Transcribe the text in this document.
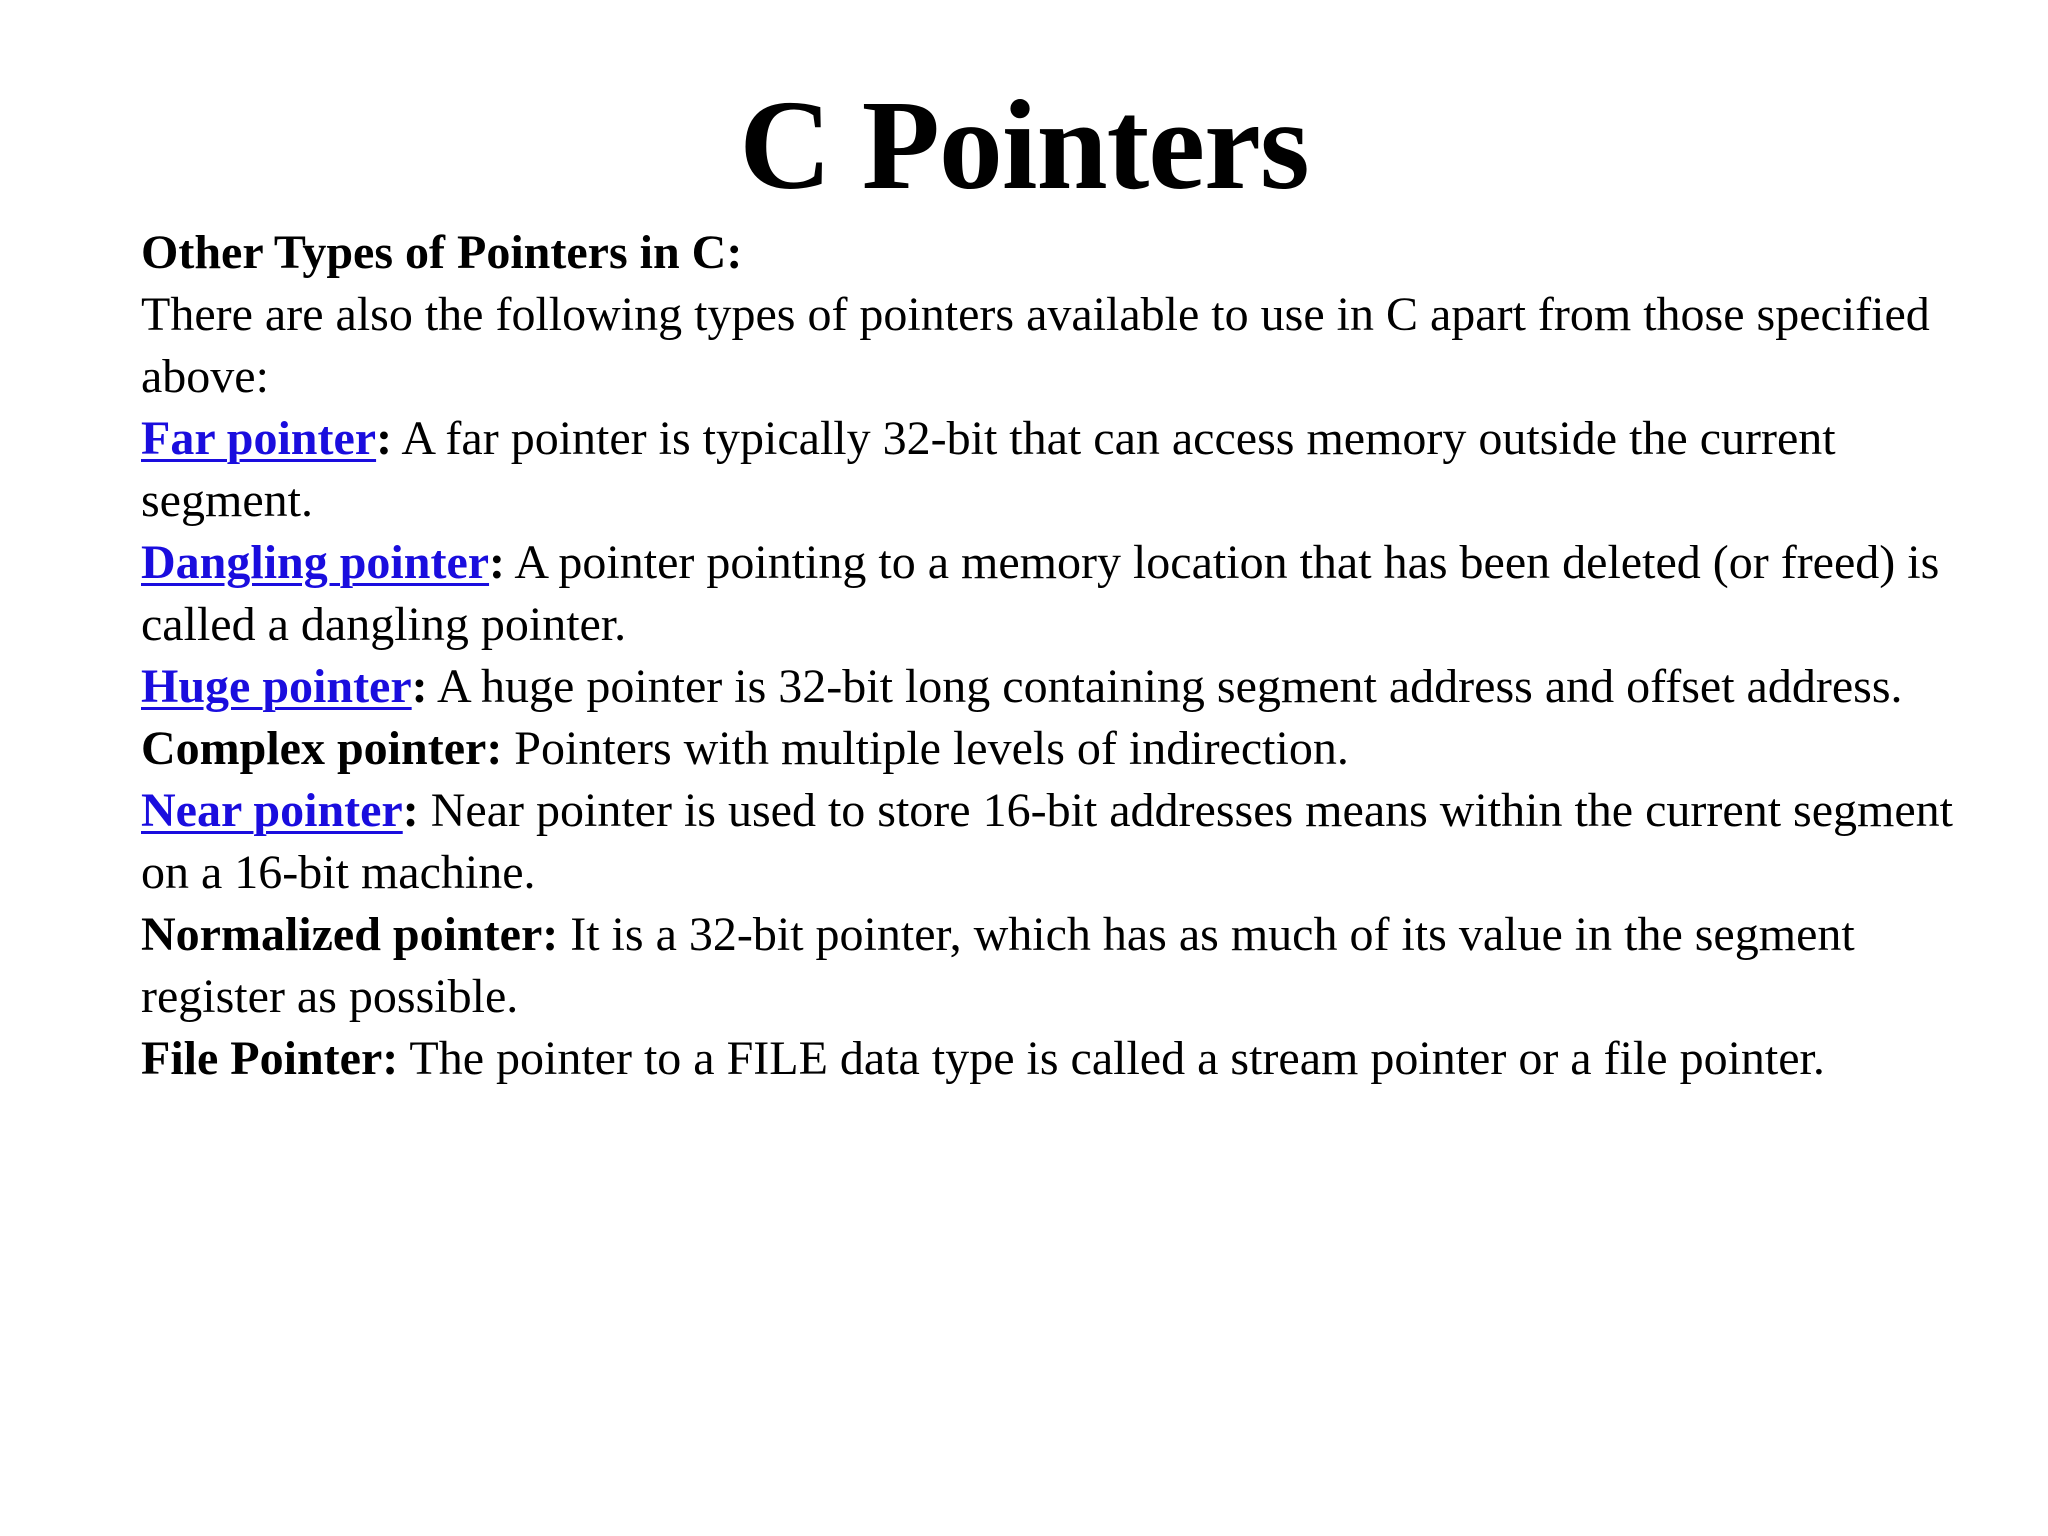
C Pointers
Other Types of Pointers in C:
There are also the following types of pointers available to use in C apart from those specified above:
Far pointer: A far pointer is typically 32-bit that can access memory outside the current segment.
Dangling pointer: A pointer pointing to a memory location that has been deleted (or freed) is called a dangling pointer.
Huge pointer: A huge pointer is 32-bit long containing segment address and offset address.
Complex pointer: Pointers with multiple levels of indirection.
Near pointer: Near pointer is used to store 16-bit addresses means within the current segment on a 16-bit machine.
Normalized pointer: It is a 32-bit pointer, which has as much of its value in the segment register as possible.
File Pointer: The pointer to a FILE data type is called a stream pointer or a file pointer.
